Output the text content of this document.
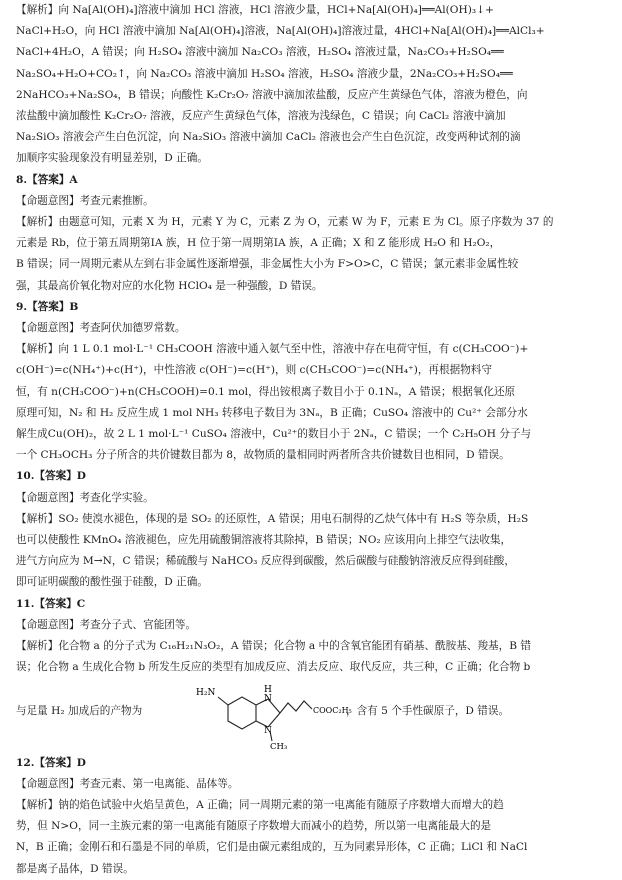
【解析】向 Na[Al(OH)₄]溶液中滴加 HCl 溶液，HCl 溶液少量，HCl+Na[Al(OH)₄]══Al(OH)₃↓+

NaCl+H₂O，向 HCl 溶液中滴加 Na[Al(OH)₄]溶液，Na[Al(OH)₄]溶液过量，4HCl+Na[Al(OH)₄]══AlCl₃+

NaCl+4H₂O，A 错误；向 H₂SO₄ 溶液中滴加 Na₂CO₃ 溶液，H₂SO₄ 溶液过量，Na₂CO₃+H₂SO₄══

Na₂SO₄+H₂O+CO₂↑，向 Na₂CO₃ 溶液中滴加 H₂SO₄ 溶液，H₂SO₄ 溶液少量，2Na₂CO₃+H₂SO₄══

2NaHCO₃+Na₂SO₄，B 错误；向酸性 K₂Cr₂O₇ 溶液中滴加浓盐酸，反应产生黄绿色气体，溶液为橙色，向

浓盐酸中滴加酸性 K₂Cr₂O₇ 溶液，反应产生黄绿色气体，溶液为浅绿色，C 错误；向 CaCl₂ 溶液中滴加

Na₂SiO₃ 溶液会产生白色沉淀，向 Na₂SiO₃ 溶液中滴加 CaCl₂ 溶液也会产生白色沉淀，改变两种试剂的滴

加顺序实验现象没有明显差别，D 正确。

8.【答案】A

【命题意图】考查元素推断。

【解析】由题意可知，元素 X 为 H，元素 Y 为 C，元素 Z 为 O，元素 W 为 F，元素 E 为 Cl。原子序数为 37 的

元素是 Rb，位于第五周期第ⅠA 族，H 位于第一周期第ⅠA 族，A 正确；X 和 Z 能形成 H₂O 和 H₂O₂，

B 错误；同一周期元素从左到右非金属性逐渐增强，非金属性大小为 F>O>C，C 错误；氯元素非金属性较

强，其最高价氧化物对应的水化物 HClO₄ 是一种强酸，D 错误。

9.【答案】B

【命题意图】考查阿伏加德罗常数。

【解析】向 1 L 0.1 mol·L⁻¹ CH₃COOH 溶液中通入氨气至中性，溶液中存在电荷守恒，有 c(CH₃COO⁻)+

c(OH⁻)=c(NH₄⁺)+c(H⁺)，中性溶液 c(OH⁻)=c(H⁺)，则 c(CH₃COO⁻)=c(NH₄⁺)，再根据物料守

恒，有 n(CH₃COO⁻)+n(CH₃COOH)=0.1 mol，得出铵根离子数目小于 0.1Nₐ，A 错误；根据氧化还原

原理可知，N₂ 和 H₂ 反应生成 1 mol NH₃ 转移电子数目为 3Nₐ，B 正确；CuSO₄ 溶液中的 Cu²⁺ 会部分水

解生成Cu(OH)₂，故 2 L 1 mol·L⁻¹ CuSO₄ 溶液中，Cu²⁺的数目小于 2Nₐ，C 错误；一个 C₂H₅OH 分子与

一个 CH₃OCH₃ 分子所含的共价键数目都为 8，故物质的量相同时两者所含共价键数目也相同，D 错误。

10.【答案】D

【命题意图】考查化学实验。

【解析】SO₂ 使溴水褪色，体现的是 SO₂ 的还原性，A 错误；用电石制得的乙炔气体中有 H₂S 等杂质，H₂S

也可以使酸性 KMnO₄ 溶液褪色，应先用硫酸铜溶液将其除掉，B 错误；NO₂ 应该用向上排空气法收集，

进气方向应为 M→N，C 错误；稀硫酸与 NaHCO₃ 反应得到碳酸，然后碳酸与硅酸钠溶液反应得到硅酸，

即可证明碳酸的酸性强于硅酸，D 正确。

11.【答案】C

【命题意图】考查分子式、官能团等。

【解析】化合物 a 的分子式为 C₁₆H₂₁N₃O₂，A 错误；化合物 a 中的含氧官能团有硝基、酰胺基、羧基，B 错

误；化合物 a 生成化合物 b 所发生反应的类型有加成反应、消去反应、取代反应，共三种，C 正确；化合物 b

与足量 H₂ 加成后的产物为
H₂N	H
N
N
CH₃
COOC₂H₅
，含有 5 个手性碳原子，D 错误。

12.【答案】D

【命题意图】考查元素、第一电离能、晶体等。

【解析】钠的焰色试验中火焰呈黄色，A 正确；同一周期元素的第一电离能有随原子序数增大而增大的趋

势，但 N>O，同一主族元素的第一电离能有随原子序数增大而减小的趋势，所以第一电离能最大的是

N，B 正确；金刚石和石墨是不同的单质，它们是由碳元素组成的，互为同素异形体，C 正确；LiCl 和 NaCl

都是离子晶体，D 错误。
